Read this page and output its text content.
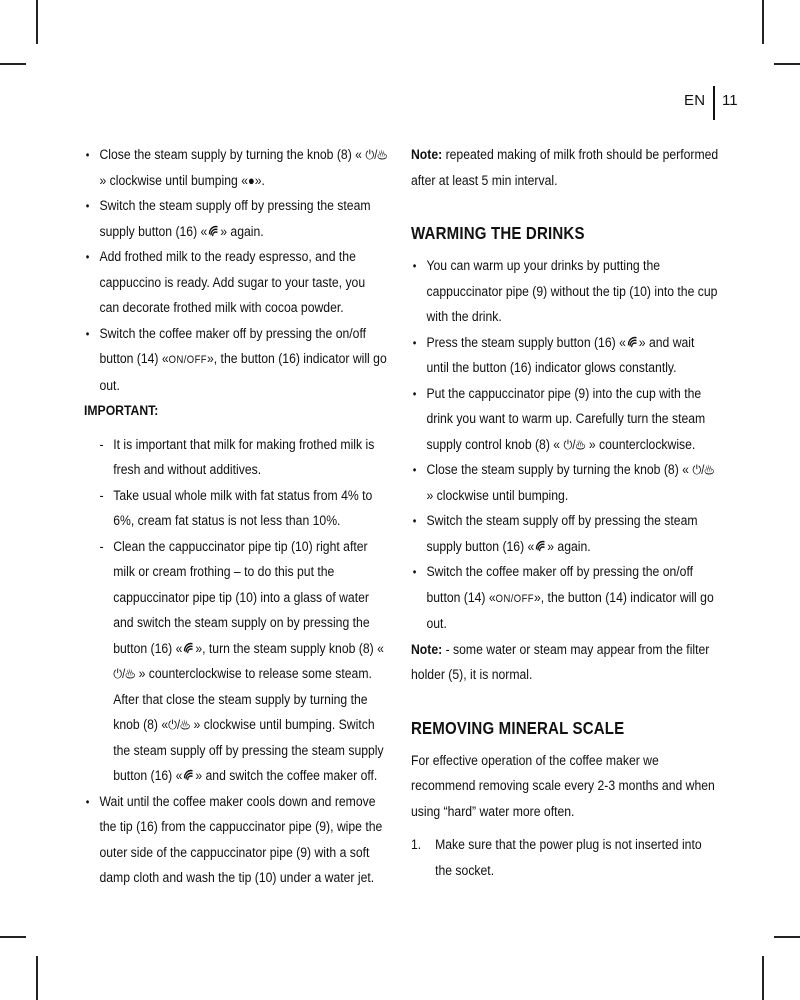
EN 11
• Close the steam supply by turning the knob (8) « ⏻/♨ » clockwise until bumping «●».
• Switch the steam supply off by pressing the steam supply button (16) « » again.
• Add frothed milk to the ready espresso, and the cappuccino is ready. Add sugar to your taste, you can decorate frothed milk with cocoa powder.
• Switch the coffee maker off by pressing the on/off button (14) «ON/OFF», the button (16) indicator will go out.
IMPORTANT:
- It is important that milk for making frothed milk is fresh and without additives.
- Take usual whole milk with fat status from 4% to 6%, cream fat status is not less than 10%.
- Clean the cappuccinator pipe tip (10) right after milk or cream frothing – to do this put the cappuccinator pipe tip (10) into a glass of water and switch the steam supply on by pressing the button (16) « », turn the steam supply knob (8) « ⏻/♨ » counterclockwise to release some steam. After that close the steam supply by turning the knob (8) «⏻/♨ » clockwise until bumping. Switch the steam supply off by pressing the steam supply button (16) « » and switch the coffee maker off.
• Wait until the coffee maker cools down and remove the tip (16) from the cappuccinator pipe (9), wipe the outer side of the cappuccinator pipe (9) with a soft damp cloth and wash the tip (10) under a water jet.
Note: repeated making of milk froth should be performed after at least 5 min interval.
WARMING THE DRINKS
• You can warm up your drinks by putting the cappuccinator pipe (9) without the tip (10) into the cup with the drink.
• Press the steam supply button (16) « » and wait until the button (16) indicator glows constantly.
• Put the cappuccinator pipe (9) into the cup with the drink you want to warm up. Carefully turn the steam supply control knob (8) « ⏻/♨ » counterclockwise.
• Close the steam supply by turning the knob (8) « ⏻/♨ » clockwise until bumping.
• Switch the steam supply off by pressing the steam supply button (16) « » again.
• Switch the coffee maker off by pressing the on/off button (14) «ON/OFF», the button (14) indicator will go out.
Note: - some water or steam may appear from the filter holder (5), it is normal.
REMOVING MINERAL SCALE
For effective operation of the coffee maker we recommend removing scale every 2-3 months and when using “hard” water more often.
1. Make sure that the power plug is not inserted into the socket.
